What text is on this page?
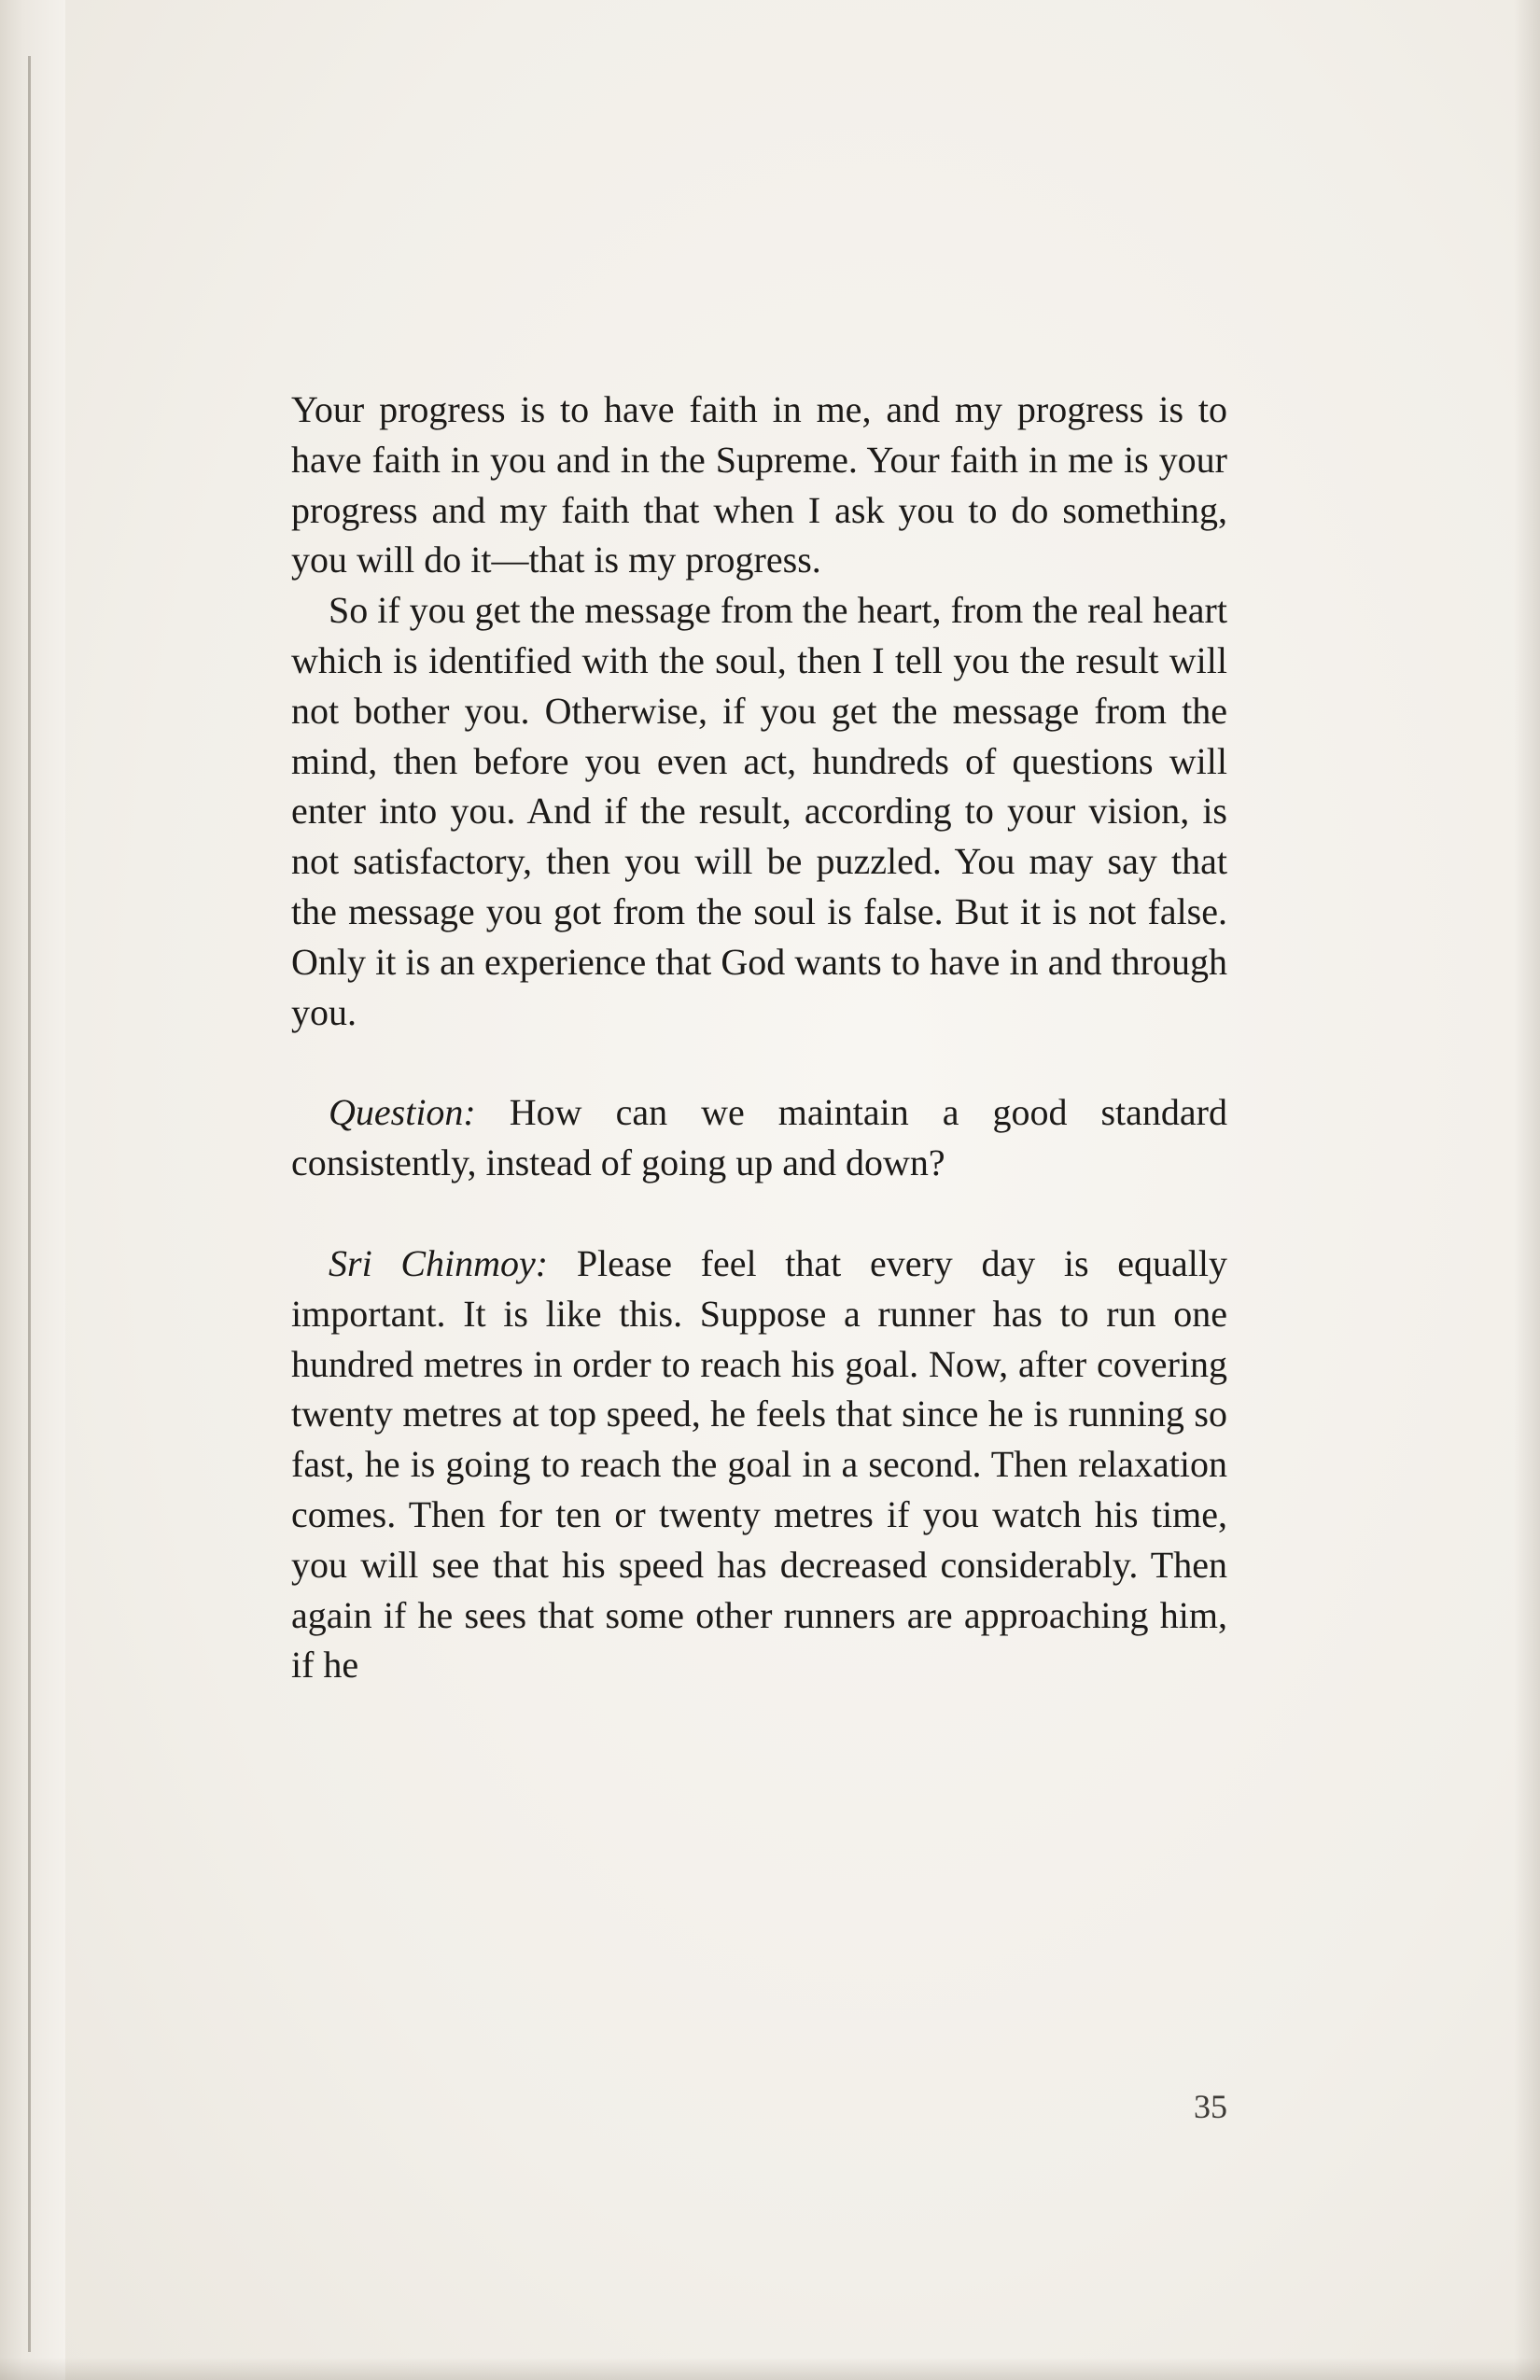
Your progress is to have faith in me, and my progress is to have faith in you and in the Supreme. Your faith in me is your progress and my faith that when I ask you to do something, you will do it—that is my progress.

So if you get the message from the heart, from the real heart which is identified with the soul, then I tell you the result will not bother you. Otherwise, if you get the message from the mind, then before you even act, hundreds of questions will enter into you. And if the result, according to your vision, is not satisfactory, then you will be puzzled. You may say that the message you got from the soul is false. But it is not false. Only it is an experience that God wants to have in and through you.

Question: How can we maintain a good standard consistently, instead of going up and down?

Sri Chinmoy: Please feel that every day is equally important. It is like this. Suppose a runner has to run one hundred metres in order to reach his goal. Now, after covering twenty metres at top speed, he feels that since he is running so fast, he is going to reach the goal in a second. Then relaxation comes. Then for ten or twenty metres if you watch his time, you will see that his speed has decreased considerably. Then again if he sees that some other runners are approaching him, if he

35
